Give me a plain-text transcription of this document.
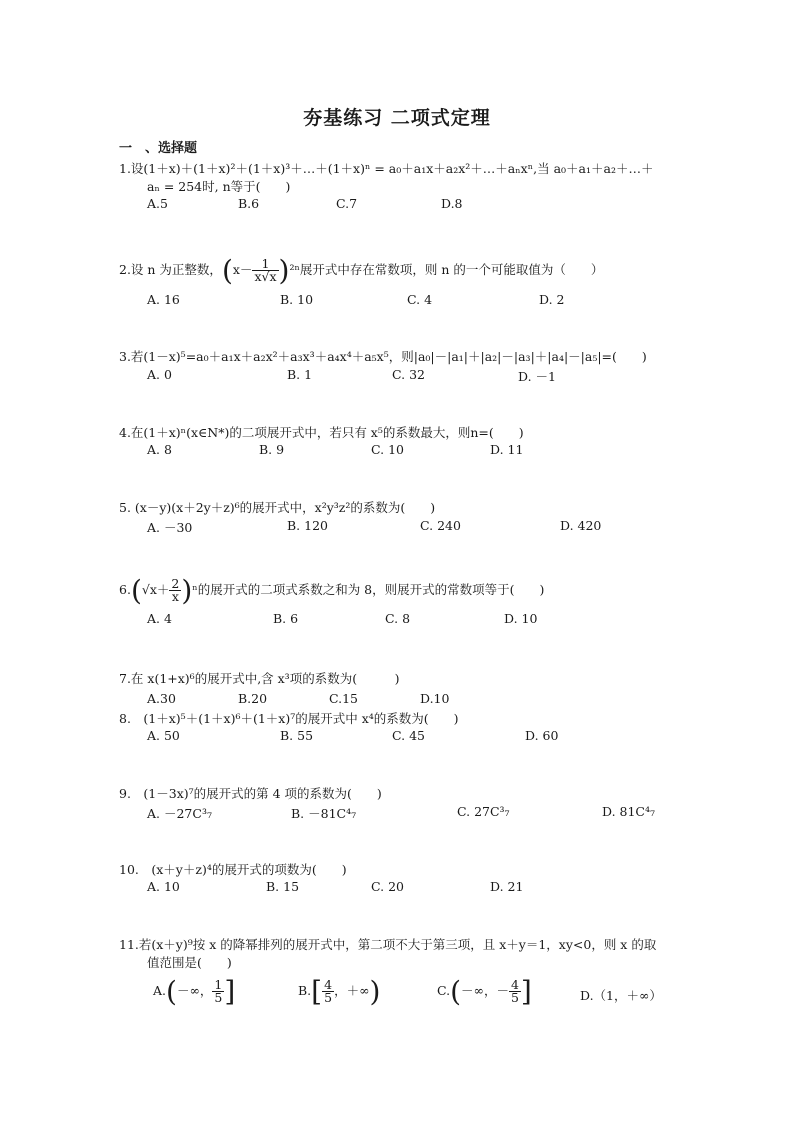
夯基练习 二项式定理
一　、选择题
1.设(1＋x)＋(1＋x)²＋(1＋x)³＋…＋(1＋x)ⁿ = a₀＋a₁x＋a₂x²＋…＋aₙxⁿ,当 a₀＋a₁＋a₂＋…＋
aₙ = 254时, n等于(　　)
A.5	B.6	C.7	D.8
2.设 n 为正整数，$(x- \frac{1}{x√x} )^{2n}$展开式中存在常数项，则 n 的一个可能取值为（　　）
A. 16	B. 10	C. 4	D. 2
3.若(1－x)⁵=a₀＋a₁x＋a₂x²＋a₃x³＋a₄x⁴＋a₅x⁵，则|a₀|－|a₁|＋|a₂|－|a₃|＋|a₄|－|a₅|=(　　)
A. 0	B. 1	C. 32	D. －1
4.在(1＋x)ⁿ(x∈N*)的二项展开式中，若只有 x⁵的系数最大，则n=(　　)
A. 8	B. 9	C. 10	D. 11
5. (x－y)(x＋2y＋z)⁶的展开式中，x²y³z²的系数为(　　)
A. －30	B. 120	C. 240	D. 420
$6.(√x+ \frac{2}{x} )^n$的展开式的二项式系数之和为 8，则展开式的常数项等于(　　)
A. 4	B. 6	C. 8	D. 10
7.在 x(1+x)⁶的展开式中,含 x³项的系数为(　　　)
A.30	B.20	C.15	D.10
8.　(1＋x)⁵＋(1＋x)⁶＋(1＋x)⁷的展开式中 x⁴的系数为(　　)
A. 50	B. 55	C. 45	D. 60
9.　(1－3x)⁷的展开式的第 4 项的系数为(　　)
A. －27C³₇	B. －81C⁴₇	C. 27C³₇	D. 81C⁴₇
10.　(x＋y＋z)⁴的展开式的项数为(　　)
A. 10	B. 15	C. 20	D. 21
11.若(x＋y)⁹按 x 的降幂排列的展开式中，第二项不大于第三项，且 x＋y＝1，xy<0，则 x 的取
值范围是(　　)
A.(－∞， $\frac{1}{5}$ ]	$B.[ \frac{4}{5}$ ，＋∞)	C.(－∞，－ $\frac{4}{5}$ ]	D.（1，＋∞）
